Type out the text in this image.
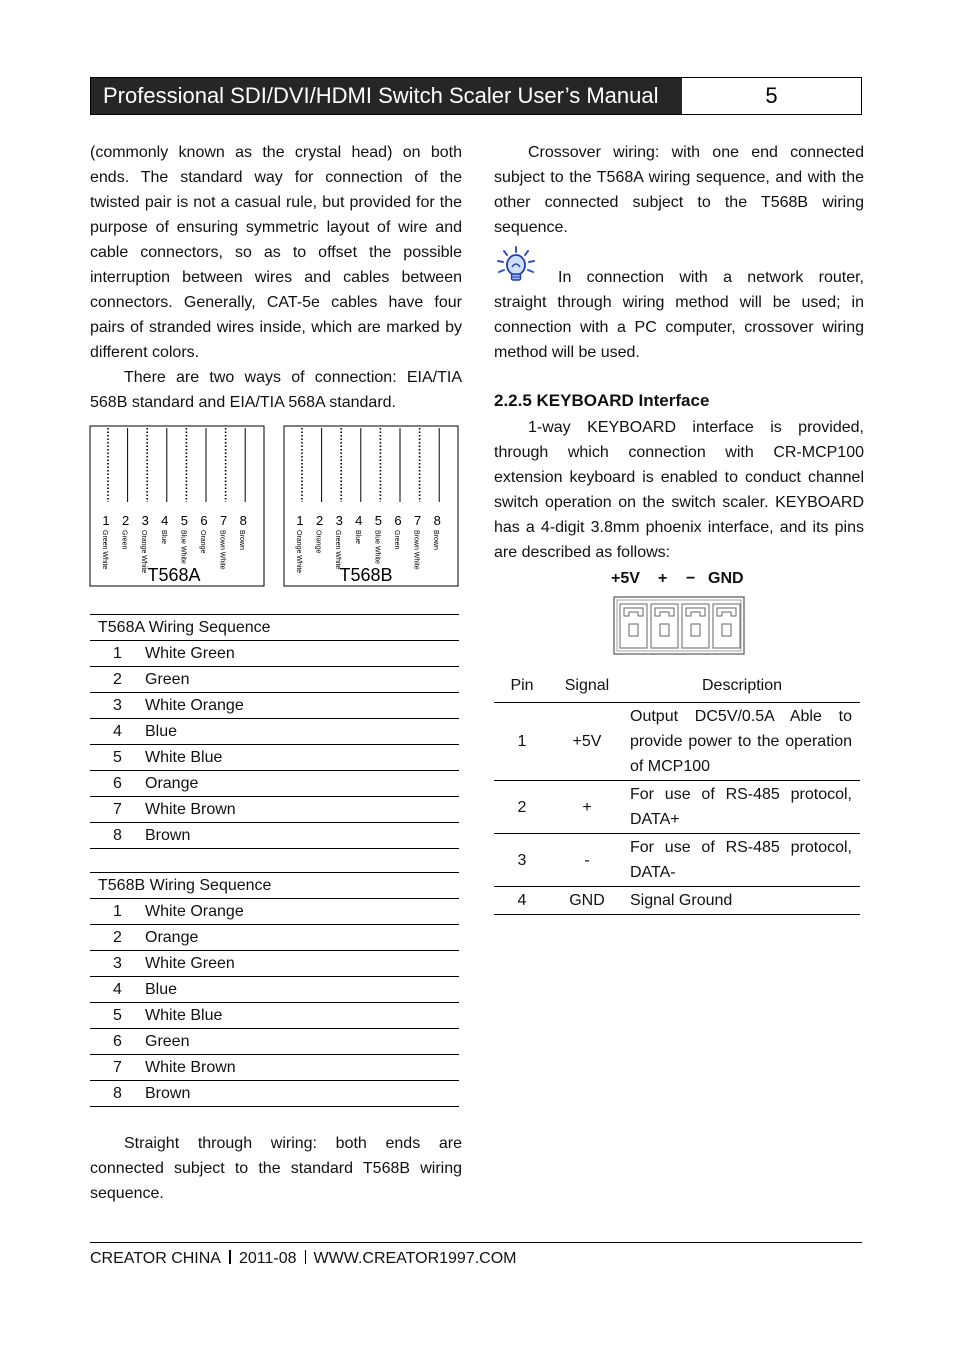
Professional SDI/DVI/HDMI Switch Scaler User’s Manual	5

(commonly known as the crystal head) on both ends. The standard way for connection of the twisted pair is not a casual rule, but provided for the purpose of ensuring symmetric layout of wire and cable connectors, so as to offset the possible interruption between wires and cables between connectors. Generally, CAT-5e cables have four pairs of stranded wires inside, which are marked by different colors.

There are two ways of connection: EIA/TIA 568B standard and EIA/TIA 568A standard.

1
Green White
2
Green
3
Orange White
4
Blue
5
Blue White
6
Orange
7
Brown White
8
Brown
T568A
1
Orange White
2
Orange
3
Green White
4
Blue
5
Blue White
6
Green
7
Brown White
8
Brown
T568B
T568A Wiring Sequence	
1	White Green
2	Green
3	White Orange
4	Blue
5	White Blue
6	Orange
7	White Brown
8	Brown
T568B Wiring Sequence	
1	White Orange
2	Orange
3	White Green
4	Blue
5	White Blue
6	Green
7	White Brown
8	Brown

Straight through wiring: both ends are connected subject to the standard T568B wiring sequence.

Crossover wiring: with one end connected subject to the T568A wiring sequence, and with the other connected subject to the T568B wiring sequence.

In connection with a network router, straight through wiring method will be used; in connection with a PC computer, crossover wiring method will be used.

2.2.5 KEYBOARD Interface

1-way KEYBOARD interface is provided, through which connection with CR-MCP100 extension keyboard is enabled to conduct channel switch operation on the switch scaler. KEYBOARD has a 4-digit 3.8mm phoenix interface, and its pins are described as follows:

+5V + − GND
Pin	Signal	Description
1	+5V	Output DC5V/0.5A Able to provide power to the operation of MCP100
2	+	For use of RS-485 protocol, DATA+
3	-	For use of RS-485 protocol, DATA-
4	GND	Signal Ground
CREATOR CHINA 2011-08 WWW.CREATOR1997.COM
